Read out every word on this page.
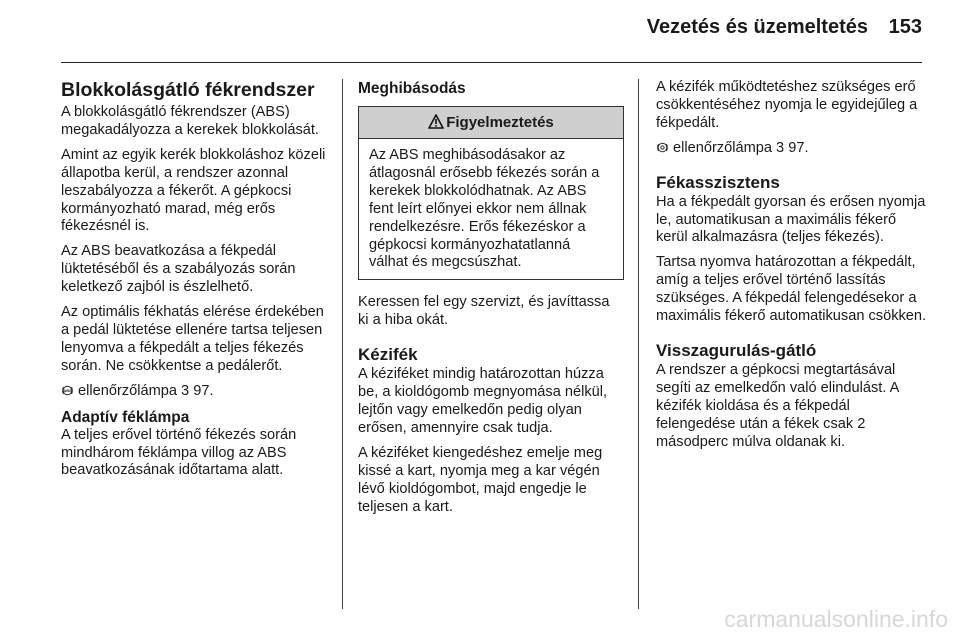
Vezetés és üzemeltetés	153
Blokkolásgátló fékrendszer

A blokkolásgátló fékrendszer (ABS) megakadályozza a kerekek blokkolását.

Amint az egyik kerék blokkoláshoz közeli állapotba kerül, a rendszer azonnal leszabályozza a fékerőt. A gépkocsi kormányozható marad, még erős fékezésnél is.

Az ABS beavatkozása a fékpedál lüktetéséből és a szabályozás során keletkező zajból is észlelhető.

Az optimális fékhatás elérése érdekében a pedál lüktetése ellenére tartsa teljesen lenyomva a fékpedált a teljes fékezés során. Ne csökkentse a pedálerőt.

ABS ellenőrzőlámpa 3 97.

Adaptív féklámpa

A teljes erővel történő fékezés során mindhárom féklámpa villog az ABS beavatkozásának időtartama alatt.

Meghibásodás
Figyelmeztetés
Az ABS meghibásodásakor az átlagosnál erősebb fékezés során a kerekek blokkolódhatnak. Az ABS fent leírt előnyei ekkor nem állnak rendelkezésre. Erős fékezéskor a gépkocsi kormányozhatatlanná válhat és megcsúszhat.

Keressen fel egy szervizt, és javíttassa ki a hiba okát.

Kézifék

A kéziféket mindig határozottan húzza be, a kioldógomb megnyomása nélkül, lejtőn vagy emelkedőn pedig olyan erősen, amennyire csak tudja.

A kéziféket kiengedéshez emelje meg kissé a kart, nyomja meg a kar végén lévő kioldógombot, majd engedje le teljesen a kart.

A kézifék működtetéshez szükséges erő csökkentéséhez nyomja le egyidejűleg a fékpedált.

ellenőrzőlámpa 3 97.

Fékasszisztens

Ha a fékpedált gyorsan és erősen nyomja le, automatikusan a maximális fékerő kerül alkalmazásra (teljes fékezés).

Tartsa nyomva határozottan a fékpedált, amíg a teljes erővel történő lassítás szükséges. A fékpedál felengedésekor a maximális fékerő automatikusan csökken.

Visszagurulás-gátló

A rendszer a gépkocsi megtartásával segíti az emelkedőn való elindulást. A kézifék kioldása és a fékpedál felengedése után a fékek csak 2 másodperc múlva oldanak ki.

carmanualsonline.info
